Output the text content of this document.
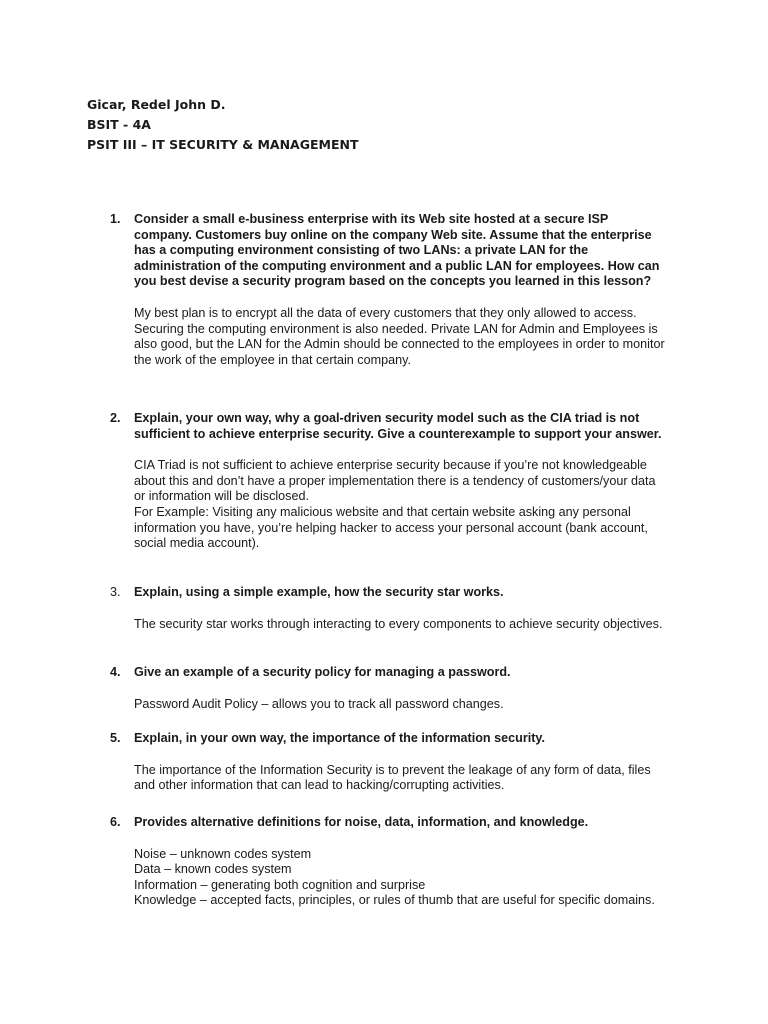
Gicar, Redel John D.
BSIT - 4A
PSIT III – IT SECURITY & MANAGEMENT
1. Consider a small e-business enterprise with its Web site hosted at a secure ISP company. Customers buy online on the company Web site. Assume that the enterprise has a computing environment consisting of two LANs: a private LAN for the administration of the computing environment and a public LAN for employees. How can you best devise a security program based on the concepts you learned in this lesson?

My best plan is to encrypt all the data of every customers that they only allowed to access. Securing the computing environment is also needed. Private LAN for Admin and Employees is also good, but the LAN for the Admin should be connected to the employees in order to monitor the work of the employee in that certain company.
2. Explain, your own way, why a goal-driven security model such as the CIA triad is not sufficient to achieve enterprise security. Give a counterexample to support your answer.

CIA Triad is not sufficient to achieve enterprise security because if you’re not knowledgeable about this and don’t have a proper implementation there is a tendency of customers/your data or information will be disclosed.
For Example: Visiting any malicious website and that certain website asking any personal information you have, you’re helping hacker to access your personal account (bank account, social media account).
3. Explain, using a simple example, how the security star works.

The security star works through interacting to every components to achieve security objectives.
4. Give an example of a security policy for managing a password.

Password Audit Policy – allows you to track all password changes.
5. Explain, in your own way, the importance of the information security.

The importance of the Information Security is to prevent the leakage of any form of data, files and other information that can lead to hacking/corrupting activities.
6. Provides alternative definitions for noise, data, information, and knowledge.

Noise – unknown codes system
Data – known codes system
Information – generating both cognition and surprise
Knowledge – accepted facts, principles, or rules of thumb that are useful for specific domains.
